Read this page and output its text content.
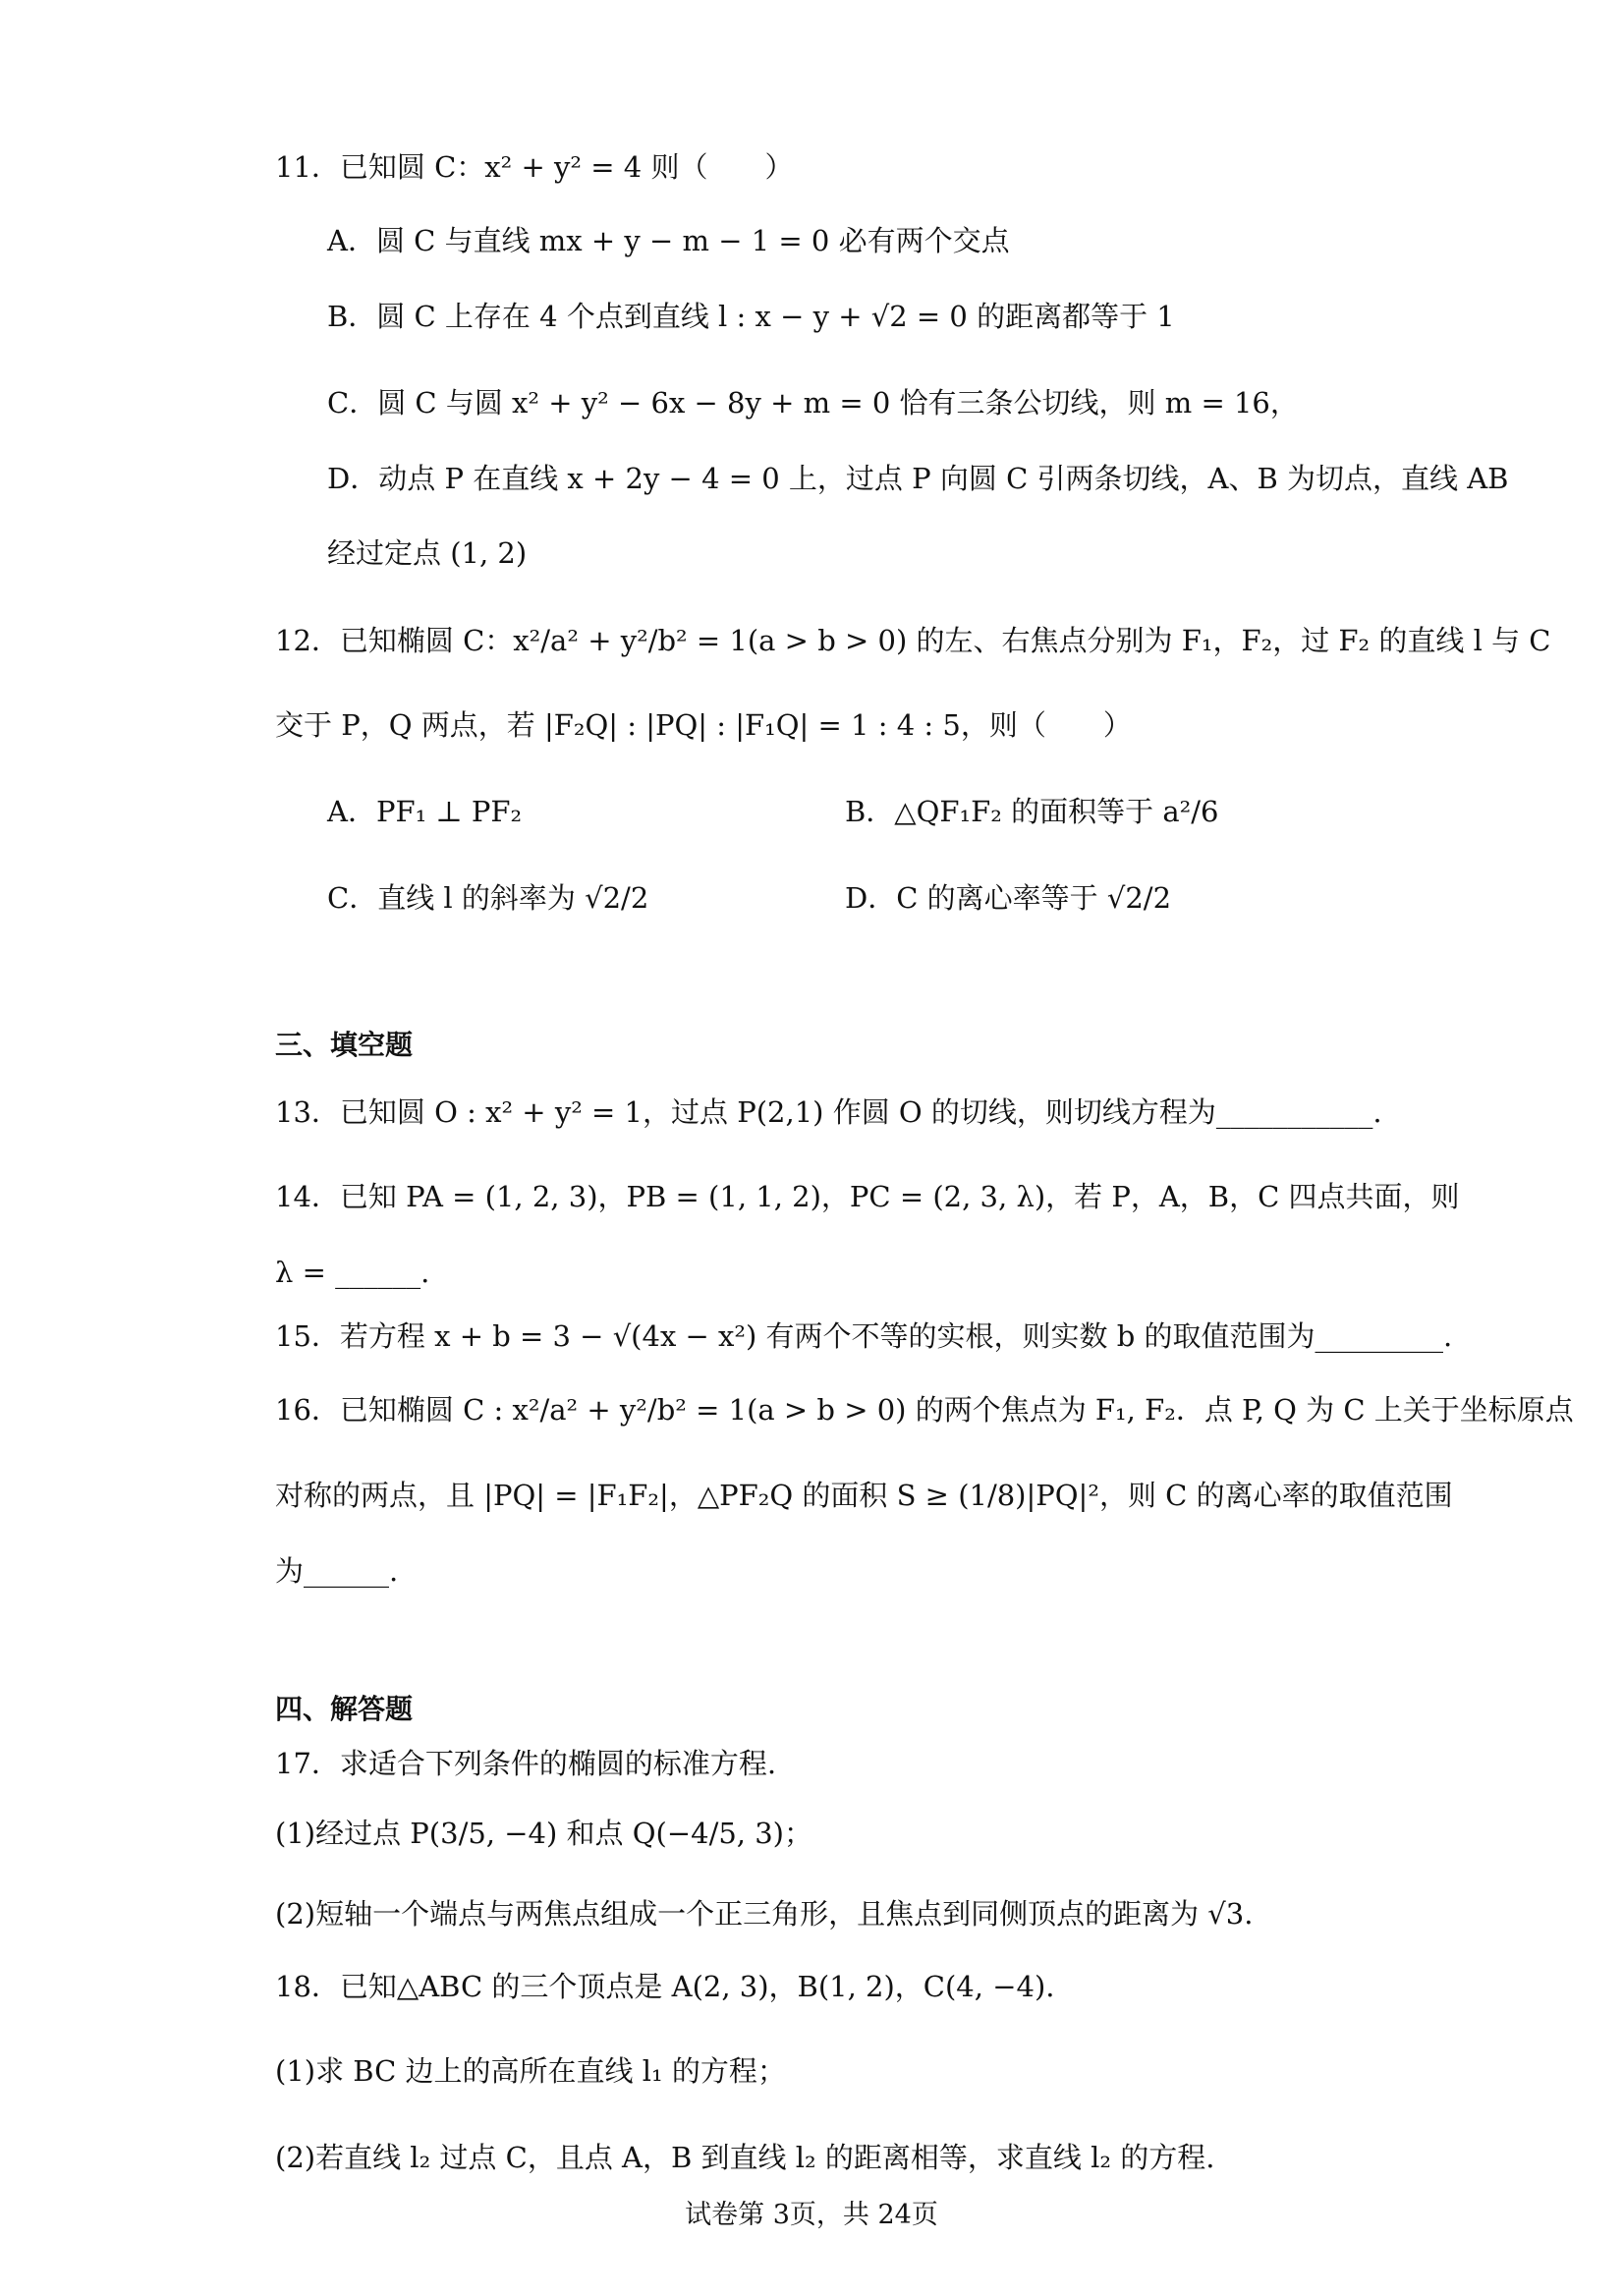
11．已知圆 C：x² + y² = 4 则（　　）
A．圆 C 与直线 mx + y − m − 1 = 0 必有两个交点
B．圆 C 上存在 4 个点到直线 l : x − y + √2 = 0 的距离都等于 1
C．圆 C 与圆 x² + y² − 6x − 8y + m = 0 恰有三条公切线，则 m = 16，
D．动点 P 在直线 x + 2y − 4 = 0 上，过点 P 向圆 C 引两条切线，A、B 为切点，直线 AB
经过定点 (1, 2)
12．已知椭圆 C：x²/a² + y²/b² = 1(a > b > 0) 的左、右焦点分别为 F₁，F₂，过 F₂ 的直线 l 与 C
交于 P，Q 两点，若 |F₂Q| : |PQ| : |F₁Q| = 1 : 4 : 5，则（　　）
A．PF₁ ⊥ PF₂	B．△QF₁F₂ 的面积等于 a²/6
C．直线 l 的斜率为 √2/2	D．C 的离心率等于 √2/2
三、填空题
13．已知圆 O : x² + y² = 1，过点 P(2,1) 作圆 O 的切线，则切线方程为___________.
14．已知 PA = (1, 2, 3)，PB = (1, 1, 2)，PC = (2, 3, λ)，若 P，A，B，C 四点共面，则
λ = ______.
15．若方程 x + b = 3 − √(4x − x²) 有两个不等的实根，则实数 b 的取值范围为_________.
16．已知椭圆 C : x²/a² + y²/b² = 1(a > b > 0) 的两个焦点为 F₁, F₂．点 P, Q 为 C 上关于坐标原点
对称的两点，且 |PQ| = |F₁F₂|，△PF₂Q 的面积 S ≥ (1/8)|PQ|²，则 C 的离心率的取值范围
为______.
四、解答题
17．求适合下列条件的椭圆的标准方程.
(1)经过点 P(3/5, −4) 和点 Q(−4/5, 3)；
(2)短轴一个端点与两焦点组成一个正三角形，且焦点到同侧顶点的距离为 √3.
18．已知△ABC 的三个顶点是 A(2, 3)，B(1, 2)，C(4, −4).
(1)求 BC 边上的高所在直线 l₁ 的方程；
(2)若直线 l₂ 过点 C，且点 A，B 到直线 l₂ 的距离相等，求直线 l₂ 的方程.
试卷第 3页，共 24页
